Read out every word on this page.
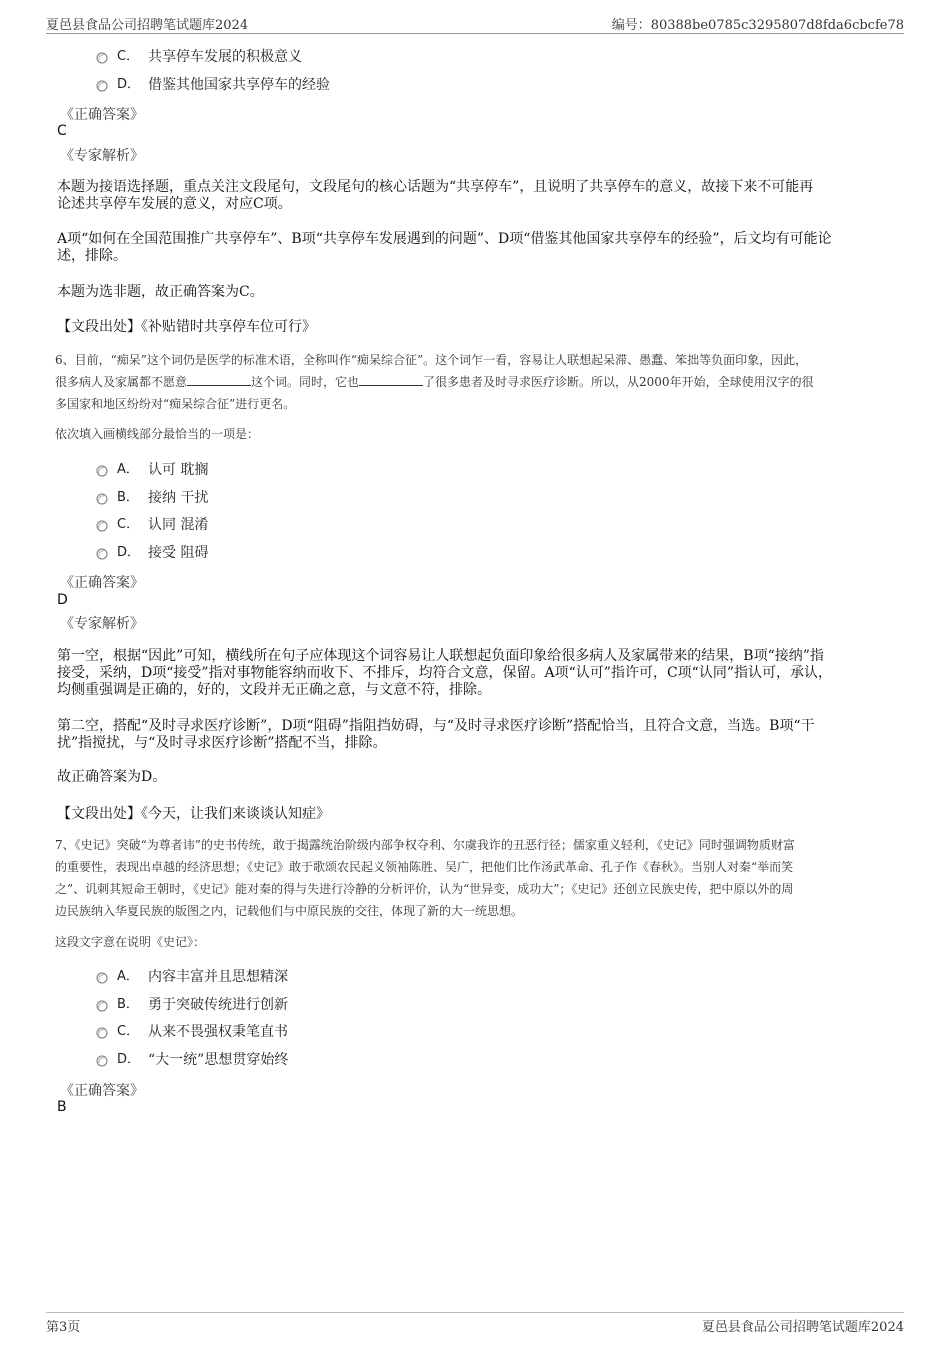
夏邑县食品公司招聘笔试题库2024	编号：80388be0785c3295807d8fda6cbcfe78
C． 共享停车发展的积极意义
D． 借鉴其他国家共享停车的经验
《正确答案》
C
《专家解析》
本题为接语选择题，重点关注文段尾句，文段尾句的核心话题为“共享停车”，且说明了共享停车的意义，故接下来不可能再
论述共享停车发展的意义，对应C项。
A项“如何在全国范围推广共享停车”、B项“共享停车发展遇到的问题”、D项“借鉴其他国家共享停车的经验”，后文均有可能论
述，排除。
本题为选非题，故正确答案为C。
【文段出处】《补贴错时共享停车位可行》
6、目前，“痴呆”这个词仍是医学的标准术语，全称叫作“痴呆综合征”。这个词乍一看，容易让人联想起呆滞、愚蠢、笨拙等负面印象，因此，
很多病人及家属都不愿意	这个词。同时，它也	了很多患者及时寻求医疗诊断。所以，从2000年开始，全球使用汉字的很
多国家和地区纷纷对“痴呆综合征”进行更名。
依次填入画横线部分最恰当的一项是：
A． 认可 耽搁
B． 接纳 干扰
C． 认同 混淆
D． 接受 阻碍
《正确答案》
D
《专家解析》
第一空，根据“因此”可知，横线所在句子应体现这个词容易让人联想起负面印象给很多病人及家属带来的结果，B项“接纳”指
接受，采纳，D项“接受”指对事物能容纳而收下、不排斥，均符合文意，保留。A项“认可”指许可，C项“认同”指认可，承认，
均侧重强调是正确的，好的，文段并无正确之意，与文意不符，排除。
第二空，搭配“及时寻求医疗诊断”，D项“阻碍”指阻挡妨碍，与“及时寻求医疗诊断”搭配恰当，且符合文意，当选。B项“干
扰”指搅扰，与“及时寻求医疗诊断”搭配不当，排除。
故正确答案为D。
【文段出处】《今天，让我们来谈谈认知症》
7、《史记》突破“为尊者讳”的史书传统，敢于揭露统治阶级内部争权夺利、尔虞我诈的丑恶行径；儒家重义轻利，《史记》同时强调物质财富
的重要性，表现出卓越的经济思想；《史记》敢于歌颂农民起义领袖陈胜、吴广，把他们比作汤武革命、孔子作《春秋》。当别人对秦“举而笑
之”、讥刺其短命王朝时，《史记》能对秦的得与失进行冷静的分析评价，认为“世异变，成功大”；《史记》还创立民族史传，把中原以外的周
边民族纳入华夏民族的版图之内，记载他们与中原民族的交往，体现了新的大一统思想。
这段文字意在说明《史记》：
A． 内容丰富并且思想精深
B． 勇于突破传统进行创新
C． 从来不畏强权秉笔直书
D． “大一统”思想贯穿始终
《正确答案》
B
第3页	夏邑县食品公司招聘笔试题库2024
